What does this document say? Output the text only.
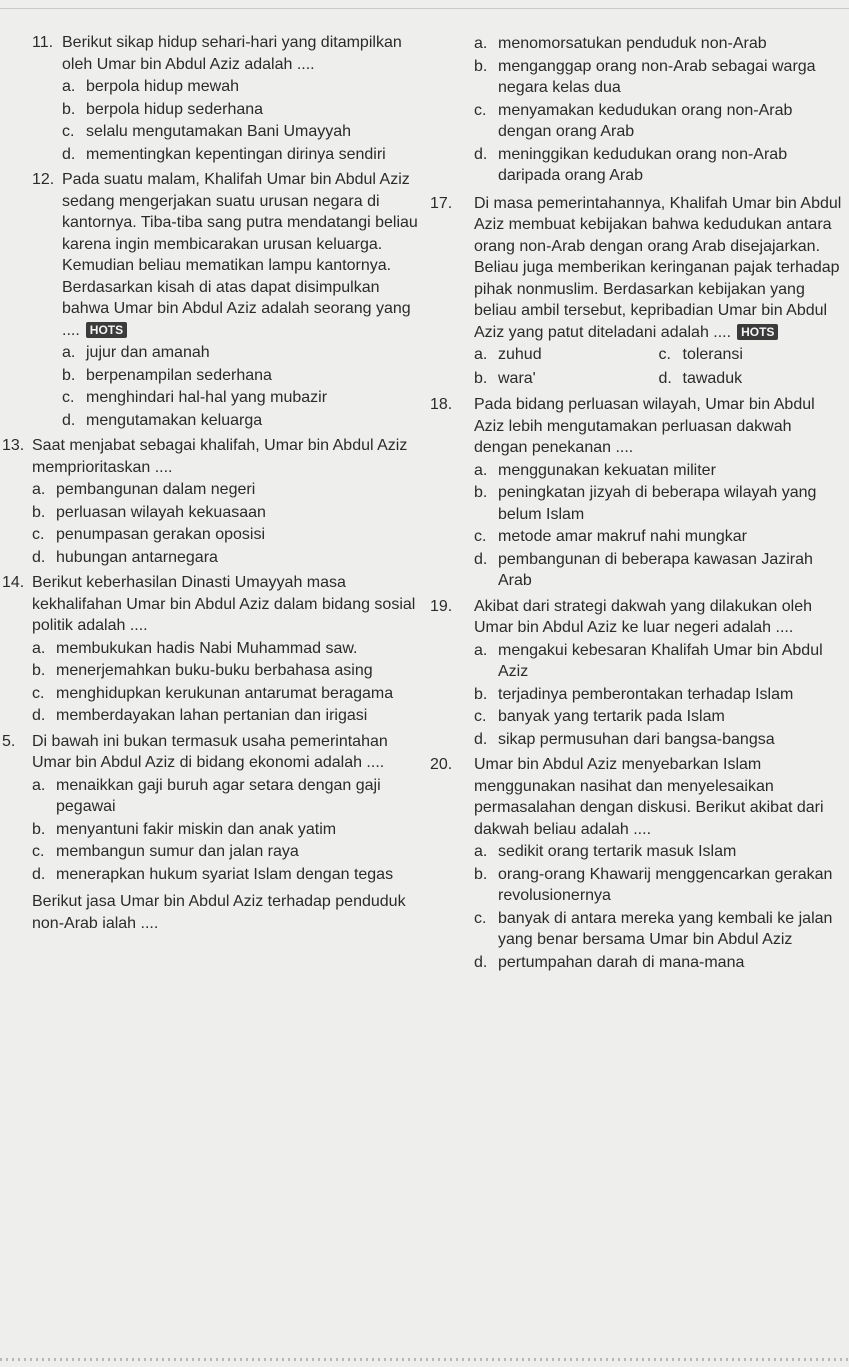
11. Berikut sikap hidup sehari-hari yang ditampilkan oleh Umar bin Abdul Aziz adalah ....

a. berpola hidup mewah
b. berpola hidup sederhana
c. selalu mengutamakan Bani Umayyah
d. mementingkan kepentingan dirinya sendiri
12. Pada suatu malam, Khalifah Umar bin Abdul Aziz sedang mengerjakan suatu urusan negara di kantornya. Tiba-tiba sang putra mendatangi beliau karena ingin membicarakan urusan keluarga. Kemudian beliau mematikan lampu kantornya.

Berdasarkan kisah di atas dapat disimpulkan bahwa Umar bin Abdul Aziz adalah seorang yang .... HOTS

a. jujur dan amanah
b. berpenampilan sederhana
c. menghindari hal-hal yang mubazir
d. mengutamakan keluarga
13. Saat menjabat sebagai khalifah, Umar bin Abdul Aziz memprioritaskan ....

a. pembangunan dalam negeri
b. perluasan wilayah kekuasaan
c. penumpasan gerakan oposisi
d. hubungan antarnegara
14. Berikut keberhasilan Dinasti Umayyah masa kekhalifahan Umar bin Abdul Aziz dalam bidang sosial politik adalah ....

a. membukukan hadis Nabi Muhammad saw.
b. menerjemahkan buku-buku berbahasa asing
c. menghidupkan kerukunan antarumat beragama
d. memberdayakan lahan pertanian dan irigasi
5. Di bawah ini bukan termasuk usaha pemerintahan Umar bin Abdul Aziz di bidang ekonomi adalah ....

a. menaikkan gaji buruh agar setara dengan gaji pegawai
b. menyantuni fakir miskin dan anak yatim
c. membangun sumur dan jalan raya
d. menerapkan hukum syariat Islam dengan tegas

Berikut jasa Umar bin Abdul Aziz terhadap penduduk non-Arab ialah ....

a. menomorsatukan penduduk non-Arab
b. menganggap orang non-Arab sebagai warga negara kelas dua
c. menyamakan kedudukan orang non-Arab dengan orang Arab
d. meninggikan kedudukan orang non-Arab daripada orang Arab
17. Di masa pemerintahannya, Khalifah Umar bin Abdul Aziz membuat kebijakan bahwa kedudukan antara orang non-Arab dengan orang Arab disejajarkan. Beliau juga memberikan keringanan pajak terhadap pihak nonmuslim. Berdasarkan kebijakan yang beliau ambil tersebut, kepribadian Umar bin Abdul Aziz yang patut diteladani adalah .... HOTS

a. zuhud	c. toleransi
b. wara'	d. tawaduk
18. Pada bidang perluasan wilayah, Umar bin Abdul Aziz lebih mengutamakan perluasan dakwah dengan penekanan ....

a. menggunakan kekuatan militer
b. peningkatan jizyah di beberapa wilayah yang belum Islam
c. metode amar makruf nahi mungkar
d. pembangunan di beberapa kawasan Jazirah Arab
19. Akibat dari strategi dakwah yang dilakukan oleh Umar bin Abdul Aziz ke luar negeri adalah ....

a. mengakui kebesaran Khalifah Umar bin Abdul Aziz
b. terjadinya pemberontakan terhadap Islam
c. banyak yang tertarik pada Islam
d. sikap permusuhan dari bangsa-bangsa
20. Umar bin Abdul Aziz menyebarkan Islam menggunakan nasihat dan menyelesaikan permasalahan dengan diskusi. Berikut akibat dari dakwah beliau adalah ....

a. sedikit orang tertarik masuk Islam
b. orang-orang Khawarij menggencarkan gerakan revolusionernya
c. banyak di antara mereka yang kembali ke jalan yang benar bersama Umar bin Abdul Aziz
d. pertumpahan darah di mana-mana
